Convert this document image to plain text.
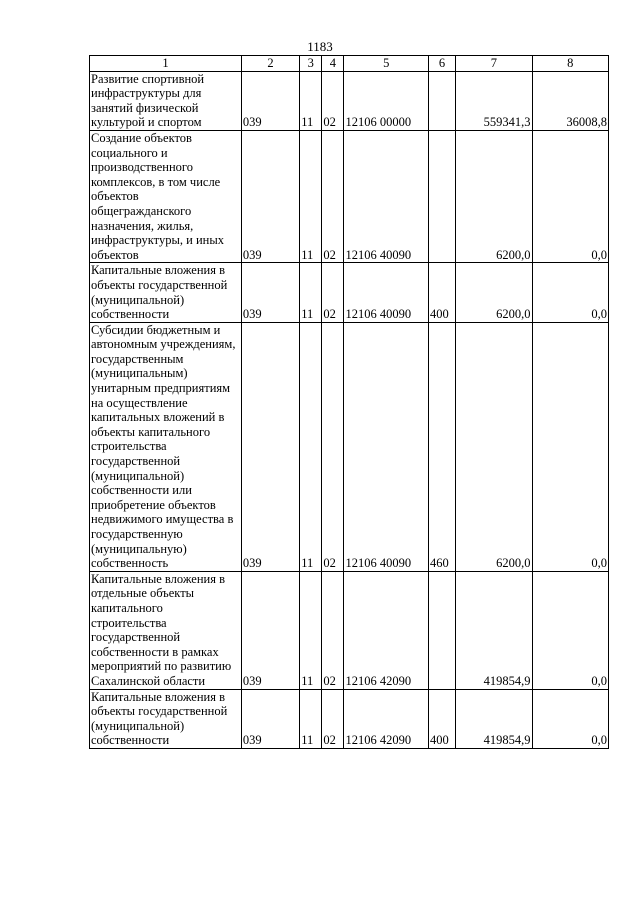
1183
1	2	3	4	5	6	7	8
Развитие спортивной инфраструктуры для занятий физической культурой и спортом	039	11	02	12106 00000		559341,3	36008,8
Создание объектов социального и производственного комплексов, в том числе объектов общегражданского назначения, жилья, инфраструктуры, и иных объектов	039	11	02	12106 40090		6200,0	0,0
Капитальные вложения в объекты государственной (муниципальной) собственности	039	11	02	12106 40090	400	6200,0	0,0
Субсидии бюджетным и автономным учреждениям, государственным (муниципальным) унитарным предприятиям на осуществление капитальных вложений в объекты капитального строительства государственной (муниципальной) собственности или приобретение объектов недвижимого имущества в государственную (муниципальную) собственность	039	11	02	12106 40090	460	6200,0	0,0
Капитальные вложения в отдельные объекты капитального строительства государственной собственности в рамках мероприятий по развитию Сахалинской области	039	11	02	12106 42090		419854,9	0,0
Капитальные вложения в объекты государственной (муниципальной) собственности	039	11	02	12106 42090	400	419854,9	0,0
